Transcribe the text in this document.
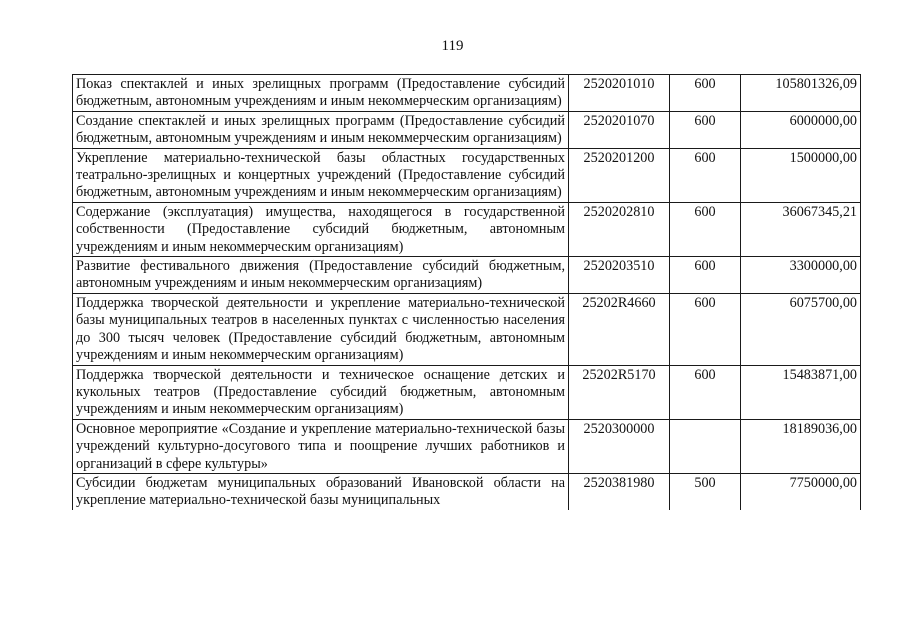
119
Показ спектаклей и иных зрелищных программ (Предоставление субсидий бюджетным, автономным учреждениям и иным некоммерческим организациям)	2520201010	600	105801326,09
Создание спектаклей и иных зрелищных программ (Предоставление субсидий бюджетным, автономным учреждениям и иным некоммерческим организациям)	2520201070	600	6000000,00
Укрепление материально-технической базы областных государственных театрально-зрелищных и концертных учреждений (Предоставление субсидий бюджетным, автономным учреждениям и иным некоммерческим организациям)	2520201200	600	1500000,00
Содержание (эксплуатация) имущества, находящегося в государственной собственности (Предоставление субсидий бюджетным, автономным учреждениям и иным некоммерческим организациям)	2520202810	600	36067345,21
Развитие фестивального движения (Предоставление субсидий бюджетным, автономным учреждениям и иным некоммерческим организациям)	2520203510	600	3300000,00
Поддержка творческой деятельности и укрепление материально-технической базы муниципальных театров в населенных пунктах с численностью населения до 300 тысяч человек (Предоставление субсидий бюджетным, автономным учреждениям и иным некоммерческим организациям)	25202R4660	600	6075700,00
Поддержка творческой деятельности и техническое оснащение детских и кукольных театров (Предоставление субсидий бюджетным, автономным учреждениям и иным некоммерческим организациям)	25202R5170	600	15483871,00
Основное мероприятие «Создание и укрепление материально-технической базы учреждений культурно-досугового типа и поощрение лучших работников и организаций в сфере культуры»	2520300000		18189036,00
Субсидии бюджетам муниципальных образований Ивановской области на укрепление материально-технической базы муниципальных	2520381980	500	7750000,00
